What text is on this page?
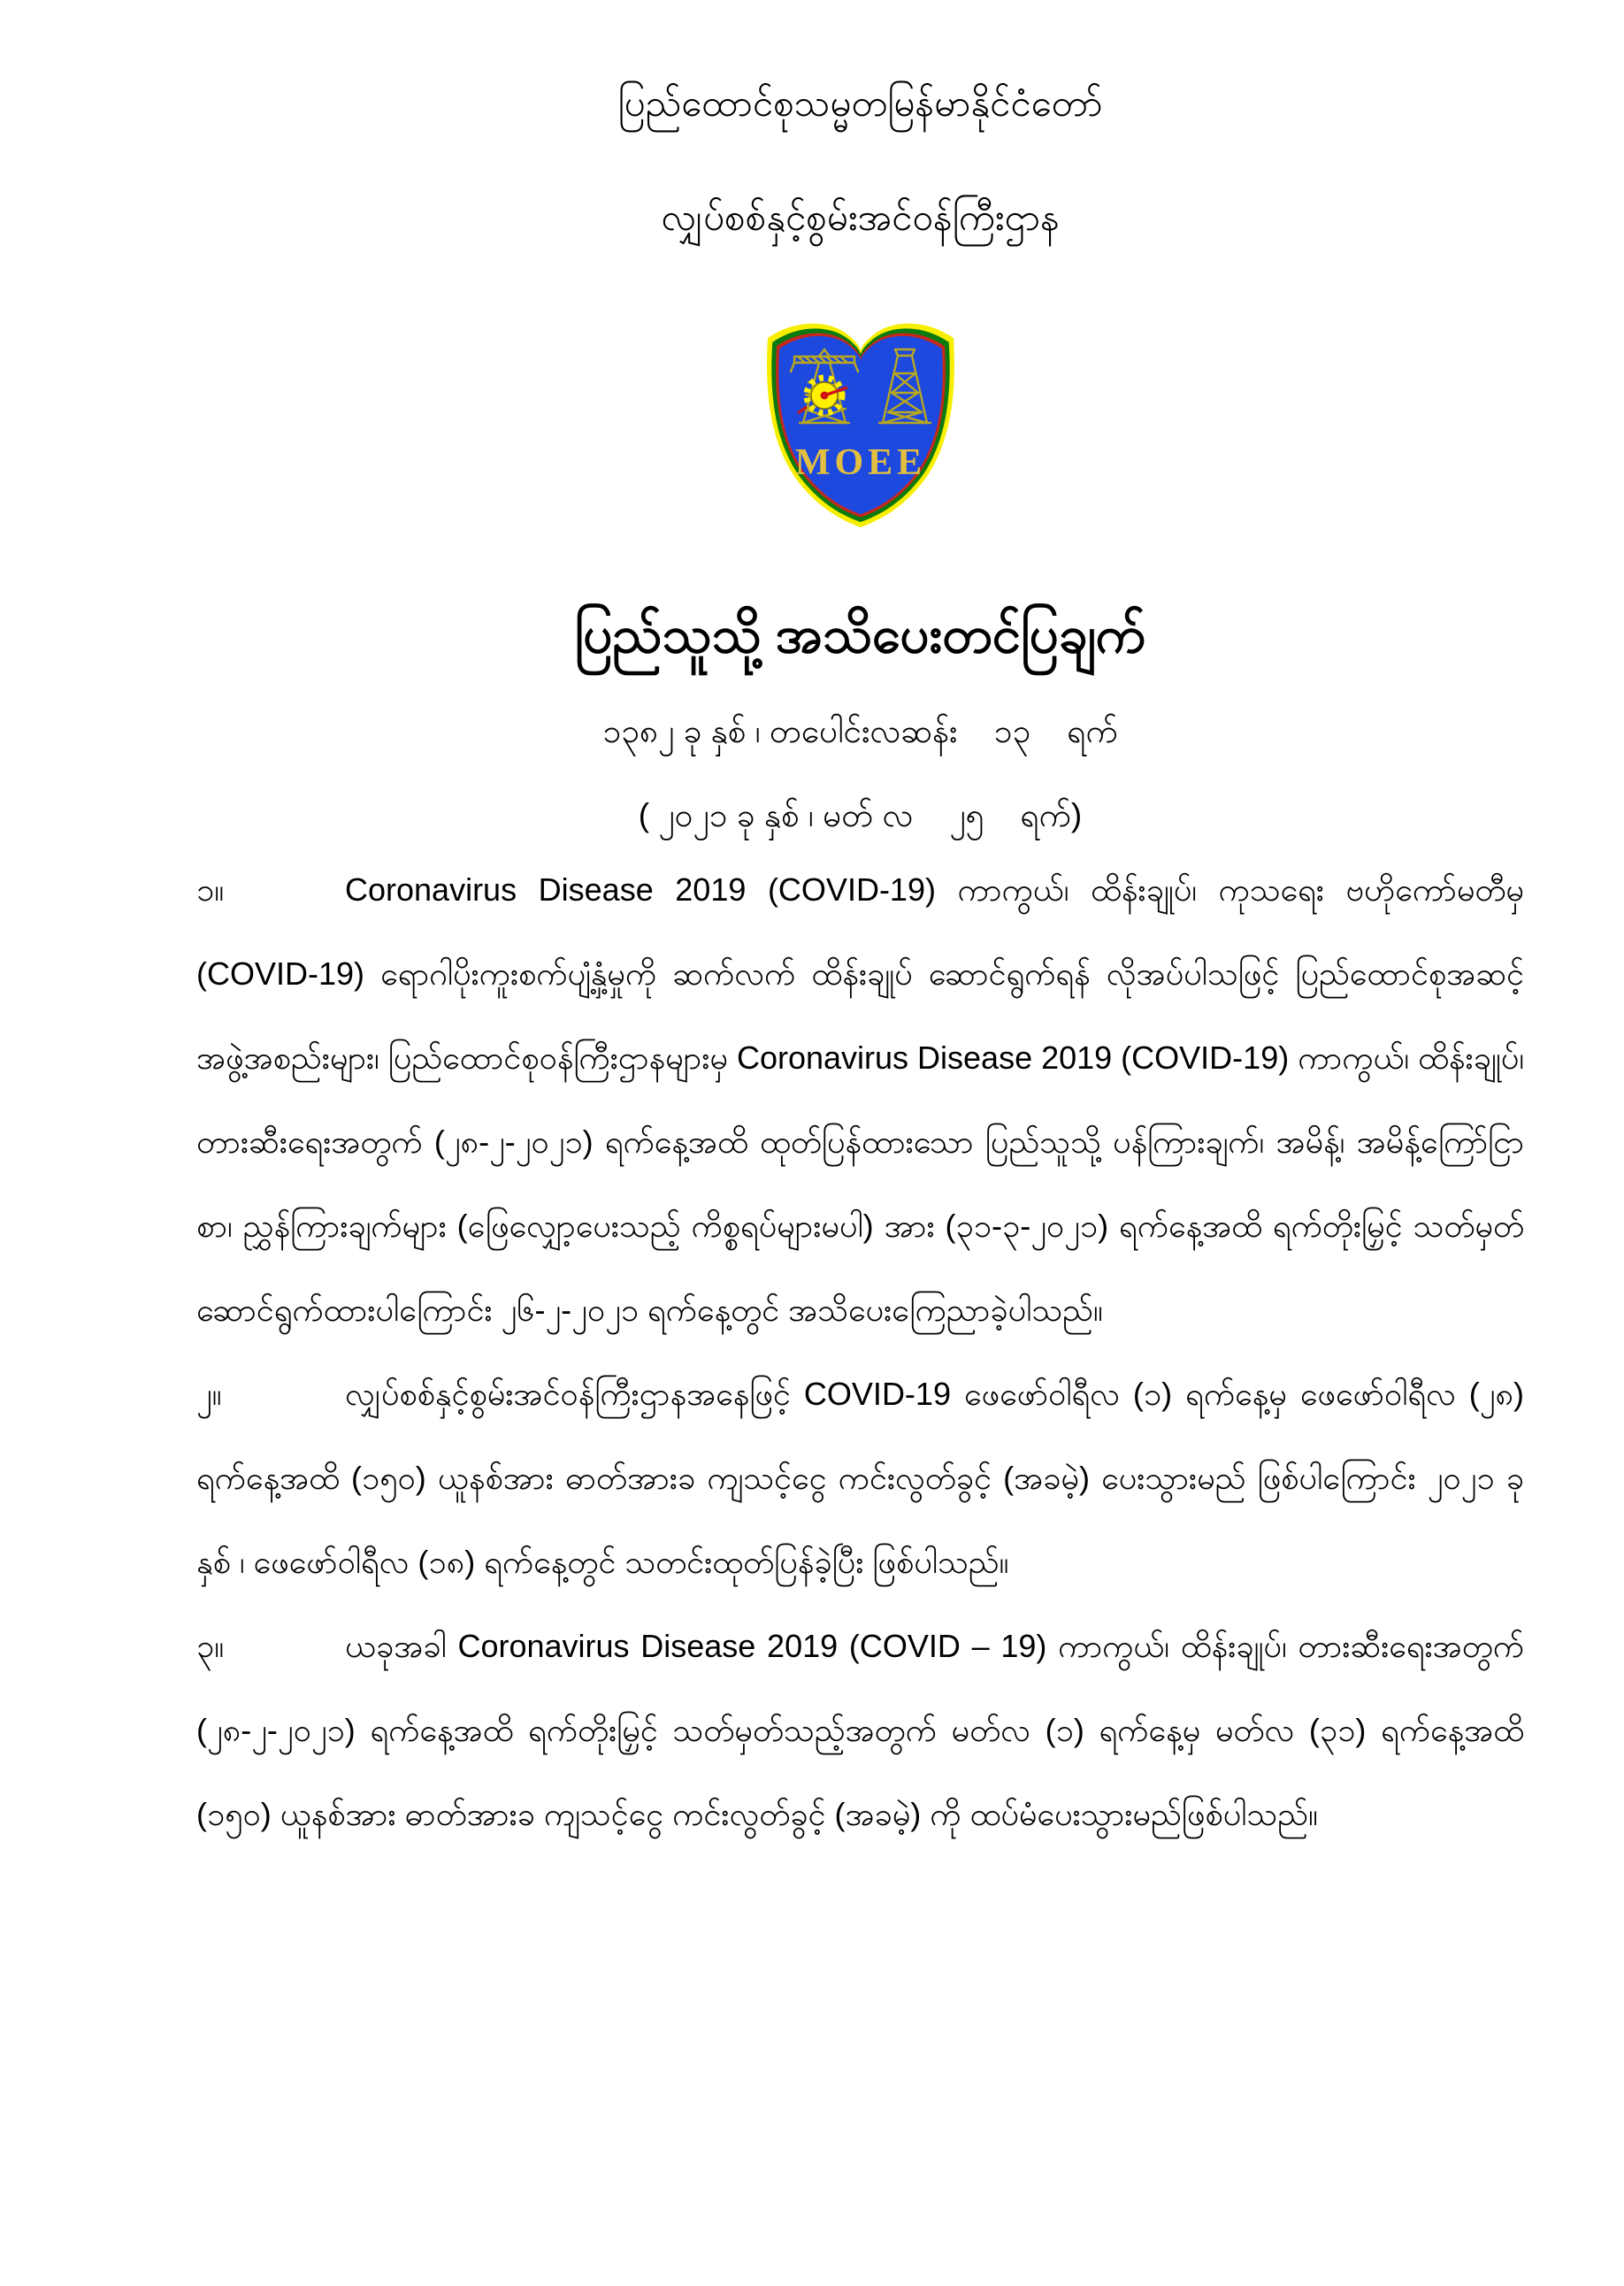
ပြည်ထောင်စုသမ္မတမြန်မာနိုင်ငံတော်
လျှပ်စစ်နှင့်စွမ်းအင်ဝန်ကြီးဌာန
MOEE
ပြည်သူသို့ အသိပေးတင်ပြချက်
၁၃၈၂ ခု နှစ် ၊ တပေါင်းလဆန်း    ၁၃    ရက်
( ၂၀၂၁ ခု နှစ် ၊ မတ် လ    ၂၅    ရက်)

၁။	Coronavirus Disease 2019 (COVID-19) ကာကွယ်၊ ထိန်းချုပ်၊ ကုသရေး ဗဟိုကော်မတီမှ (COVID-19) ရောဂါပိုးကူးစက်ပျံ့နှံ့မှုကို ဆက်လက် ထိန်းချုပ် ဆောင်ရွက်ရန် လိုအပ်ပါသဖြင့် ပြည်ထောင်စုအဆင့် အဖွဲ့အစည်းများ၊ ပြည်ထောင်စုဝန်ကြီးဌာနများမှ Coronavirus Disease 2019 (COVID-19) ကာကွယ်၊ ထိန်းချုပ်၊ တားဆီးရေးအတွက် (၂၈-၂-၂၀၂၁) ရက်နေ့အထိ ထုတ်ပြန်ထားသော ပြည်သူသို့ ပန်ကြားချက်၊ အမိန့်၊ အမိန့်ကြော်ငြာစာ၊ ညွှန်ကြားချက်များ (ဖြေလျှော့ပေးသည့် ကိစ္စရပ်များမပါ) အား (၃၁-၃-၂၀၂၁) ရက်နေ့အထိ ရက်တိုးမြှင့် သတ်မှတ် ဆောင်ရွက်ထားပါကြောင်း ၂၆-၂-၂၀၂၁ ရက်နေ့တွင် အသိပေးကြေညာခဲ့ပါသည်။

၂။	လျှပ်စစ်နှင့်စွမ်းအင်ဝန်ကြီးဌာနအနေဖြင့် COVID-19 ဖေဖော်ဝါရီလ (၁) ရက်နေ့မှ ဖေဖော်ဝါရီလ (၂၈) ရက်နေ့အထိ (၁၅၀) ယူနစ်အား ဓာတ်အားခ ကျသင့်ငွေ ကင်းလွတ်ခွင့် (အခမဲ့) ပေးသွားမည် ဖြစ်ပါကြောင်း ၂၀၂၁ ခုနှစ် ၊ ဖေဖော်ဝါရီလ (၁၈) ရက်နေ့တွင် သတင်းထုတ်ပြန်ခဲ့ပြီး ဖြစ်ပါသည်။

၃။	ယခုအခါ Coronavirus Disease 2019 (COVID – 19) ကာကွယ်၊ ထိန်းချုပ်၊ တားဆီးရေးအတွက် (၂၈-၂-၂၀၂၁) ရက်နေ့အထိ ရက်တိုးမြှင့် သတ်မှတ်သည့်အတွက် မတ်လ (၁) ရက်နေ့မှ မတ်လ (၃၁) ရက်နေ့အထိ (၁၅၀) ယူနစ်အား ဓာတ်အားခ ကျသင့်ငွေ ကင်းလွတ်ခွင့် (အခမဲ့) ကို ထပ်မံပေးသွားမည်ဖြစ်ပါသည်။
